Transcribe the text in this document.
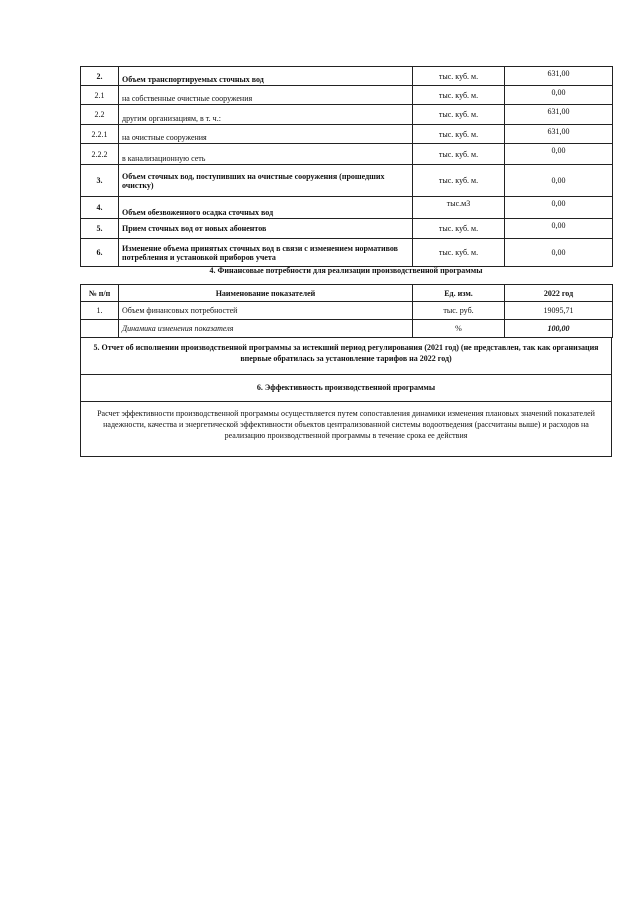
2.	Объем транспортируемых сточных вод	тыс. куб. м.	631,00
2.1	на собственные очистные сооружения	тыс. куб. м.	0,00
2.2	другим организациям, в т. ч.:	тыс. куб. м.	631,00
2.2.1	на очистные сооружения	тыс. куб. м.	631,00
2.2.2	в канализационную сеть	тыс. куб. м.	0,00
3.	Объем сточных вод, поступивших на очистные сооружения (прошедших очистку)	тыс. куб. м.	0,00
4.	Объем обезвоженного осадка сточных вод	тыс.м3	0,00
5.	Прием сточных вод от новых абонентов	тыс. куб. м.	0,00
6.	Изменение объема принятых сточных вод в связи с изменением нормативов потребления и установкой приборов учета	тыс. куб. м.	0,00
4. Финансовые потребности для реализации производственной программы
№ п/п	Наименование показателей	Ед. изм.	2022 год
1.	Объем финансовых потребностей	тыс. руб.	19095,71
	Динамика изменения показателя	%	100,00
5. Отчет об исполнении производственной программы за истекший период регулирования (2021 год) (не представлен, так как организация впервые обратилась за установление тарифов на 2022 год)
6. Эффективность производственной программы
Расчет эффективности производственной программы осуществляется путем сопоставления динамики изменения плановых значений показателей надежности, качества и энергетической эффективности объектов централизованной системы водоотведения (рассчитаны выше) и расходов на реализацию производственной программы в течение срока ее действия
